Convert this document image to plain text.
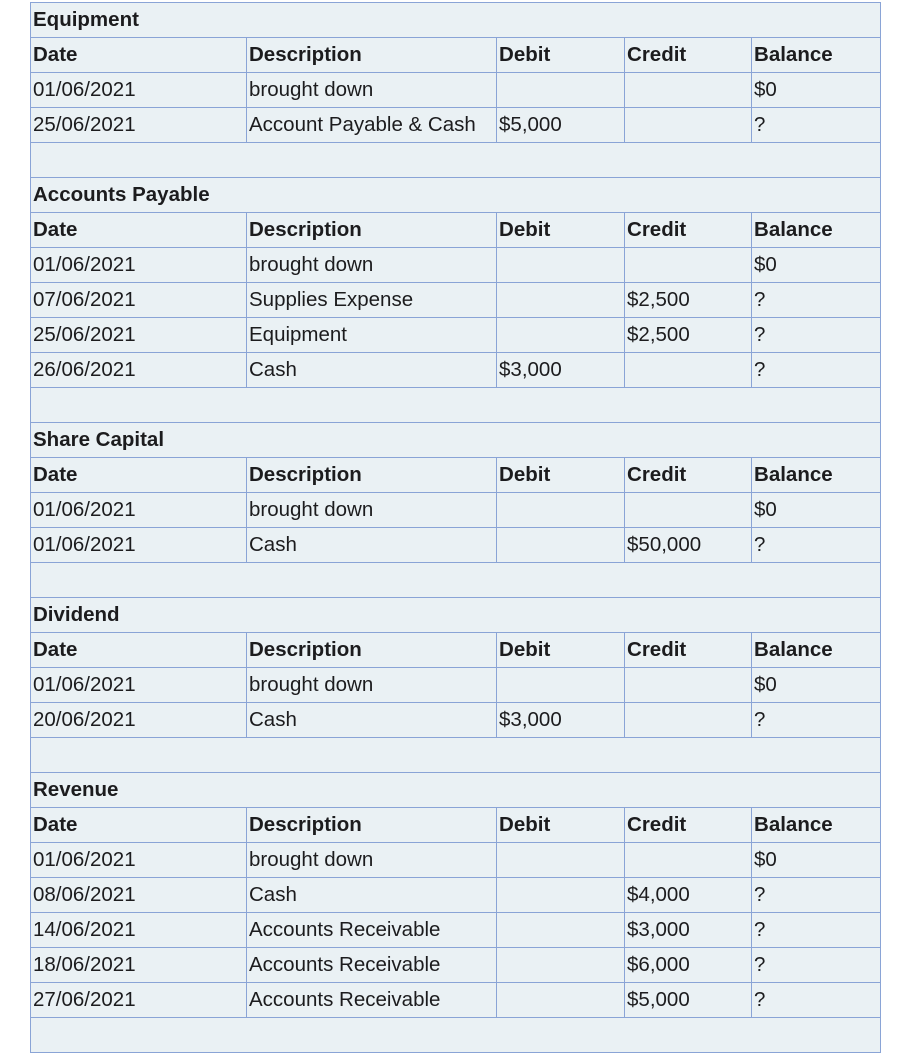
Equipment				
Date	Description	Debit	Credit	Balance
01/06/2021	brought down			$0
25/06/2021	Account Payable & Cash	$5,000		?

Accounts Payable				
Date	Description	Debit	Credit	Balance
01/06/2021	brought down			$0
07/06/2021	Supplies Expense		$2,500	?
25/06/2021	Equipment		$2,500	?
26/06/2021	Cash	$3,000		?

Share Capital				
Date	Description	Debit	Credit	Balance
01/06/2021	brought down			$0
01/06/2021	Cash		$50,000	?

Dividend				
Date	Description	Debit	Credit	Balance
01/06/2021	brought down			$0
20/06/2021	Cash	$3,000		?

Revenue				
Date	Description	Debit	Credit	Balance
01/06/2021	brought down			$0
08/06/2021	Cash		$4,000	?
14/06/2021	Accounts Receivable		$3,000	?
18/06/2021	Accounts Receivable		$6,000	?
27/06/2021	Accounts Receivable		$5,000	?
